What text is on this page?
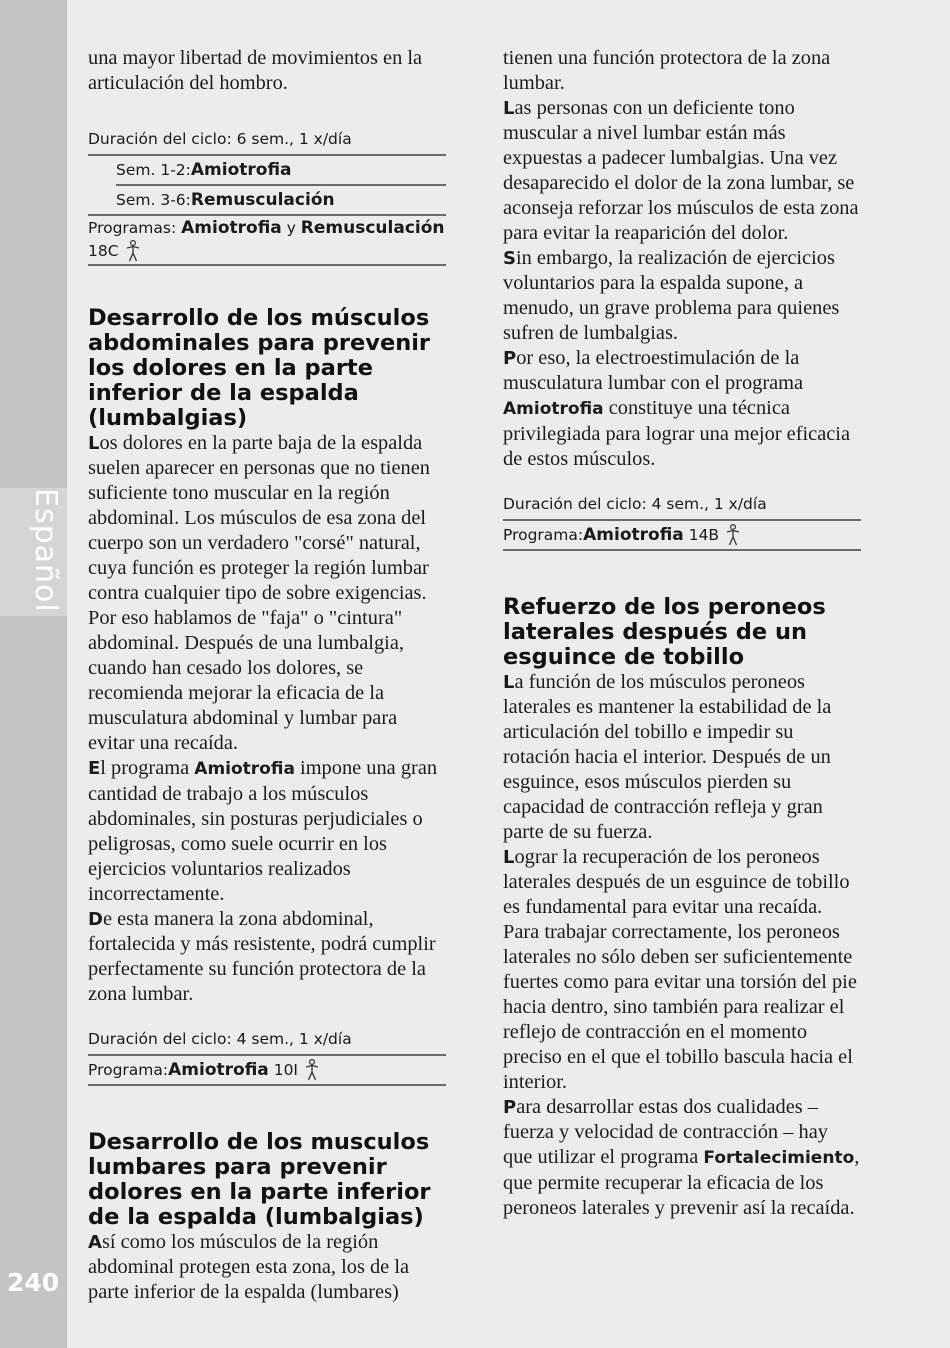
Español
240

una mayor libertad de movimientos en la articulación del hombro.

Duración del ciclo: 6 sem., 1 x/día
Sem. 1-2: Amiotrofia
Sem. 3-6: Remusculación
Programas: Amiotrofia y Remusculación
18C
Desarrollo de los músculos abdominales para prevenir los dolores en la parte inferior de la espalda (lumbalgias)

Los dolores en la parte baja de la espalda suelen aparecer en personas que no tienen suficiente tono muscular en la región abdominal. Los músculos de esa zona del cuerpo son un verdadero "corsé" natural, cuya función es proteger la región lumbar contra cualquier tipo de sobre exigencias. Por eso hablamos de "faja" o "cintura" abdominal. Después de una lumbalgia, cuando han cesado los dolores, se recomienda mejorar la eficacia de la musculatura abdominal y lumbar para evitar una recaída.

El programa Amiotrofia impone una gran cantidad de trabajo a los músculos abdominales, sin posturas perjudiciales o peligrosas, como suele ocurrir en los ejercicios voluntarios realizados incorrectamente.

De esta manera la zona abdominal, fortalecida y más resistente, podrá cumplir perfectamente su función protectora de la zona lumbar.

Duración del ciclo: 4 sem., 1 x/día
Programa: Amiotrofia
10I
Desarrollo de los musculos lumbares para prevenir dolores en la parte inferior de la espalda (lumbalgias)

Así como los músculos de la región abdominal protegen esta zona, los de la parte inferior de la espalda (lumbares)

tienen una función protectora de la zona lumbar.

Las personas con un deficiente tono muscular a nivel lumbar están más expuestas a padecer lumbalgias. Una vez desaparecido el dolor de la zona lumbar, se aconseja reforzar los músculos de esta zona para evitar la reaparición del dolor.

Sin embargo, la realización de ejercicios voluntarios para la espalda supone, a menudo, un grave problema para quienes sufren de lumbalgias.

Por eso, la electroestimulación de la musculatura lumbar con el programa Amiotrofia constituye una técnica privilegiada para lograr una mejor eficacia de estos músculos.

Duración del ciclo: 4 sem., 1 x/día
Programa: Amiotrofia
14B
Refuerzo de los peroneos laterales después de un esguince de tobillo

La función de los músculos peroneos laterales es mantener la estabilidad de la articulación del tobillo e impedir su rotación hacia el interior. Después de un esguince, esos músculos pierden su capacidad de contracción refleja y gran parte de su fuerza.

Lograr la recuperación de los peroneos laterales después de un esguince de tobillo es fundamental para evitar una recaída. Para trabajar correctamente, los peroneos laterales no sólo deben ser suficientemente fuertes como para evitar una torsión del pie hacia dentro, sino también para realizar el reflejo de contracción en el momento preciso en el que el tobillo bascula hacia el interior.

Para desarrollar estas dos cualidades – fuerza y velocidad de contracción – hay que utilizar el programa Fortalecimiento, que permite recuperar la eficacia de los peroneos laterales y prevenir así la recaída.
